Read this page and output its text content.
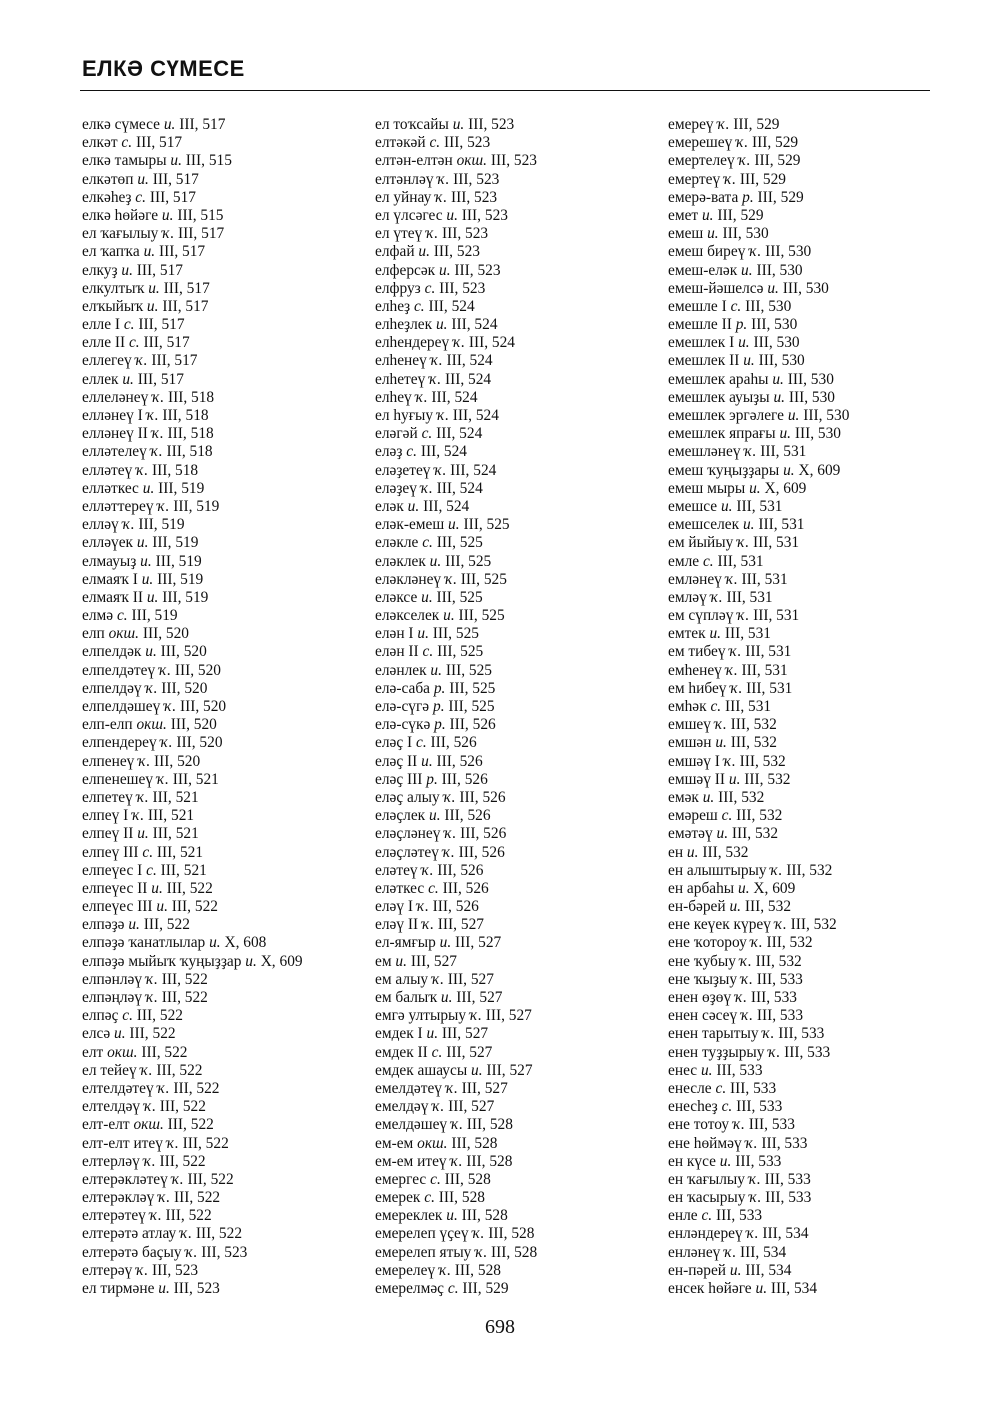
ЕЛКӘ СҮМЕСЕ
елкә сүмесе и. III, 517
елкәт с. III, 517
елкә тамыры и. III, 515
елкәтөп и. III, 517
елкәһеҙ с. III, 517
елкә һөйәге и. III, 515
ел ҡағылыу ҡ. III, 517
ел ҡапҡа и. III, 517
елкуҙ и. III, 517
елкултыҡ и. III, 517
елҡыйыҡ и. III, 517
елле I с. III, 517
елле II с. III, 517
еллегеү ҡ. III, 517
еллек и. III, 517
еллеләнеү ҡ. III, 518
елләнеү I ҡ. III, 518
елләнеү II ҡ. III, 518
елләтелеү ҡ. III, 518
елләтеү ҡ. III, 518
елләткес и. III, 519
елләттереү ҡ. III, 519
елләү ҡ. III, 519
елләүек и. III, 519
елмауыҙ и. III, 519
елмаяҡ I и. III, 519
елмаяҡ II и. III, 519
елмә с. III, 519
елп окш. III, 520
елпелдәк и. III, 520
елпелдәтеү ҡ. III, 520
елпелдәү ҡ. III, 520
елпелдәшеү ҡ. III, 520
елп-елп окш. III, 520
елпендереү ҡ. III, 520
елпенеү ҡ. III, 520
елпенешеү ҡ. III, 521
елпетеү ҡ. III, 521
елпеү I ҡ. III, 521
елпеү II и. III, 521
елпеү III с. III, 521
елпеүес I с. III, 521
елпеүес II и. III, 522
елпеүес III и. III, 522
елпәҙә и. III, 522
елпәҙә ҡанатлылар и. X, 608
елпәҙә мыйыҡ ҡуңыҙҙар и. X, 609
елпәнләү ҡ. III, 522
елпәңләү ҡ. III, 522
елпәҫ с. III, 522
елсә и. III, 522
елт окш. III, 522
ел тейеү ҡ. III, 522
елтелдәтеү ҡ. III, 522
елтелдәү ҡ. III, 522
елт-елт окш. III, 522
елт-елт итеү ҡ. III, 522
елтерләү ҡ. III, 522
елтерәкләтеү ҡ. III, 522
елтерәкләү ҡ. III, 522
елтерәтеү ҡ. III, 522
елтерәтә атлау ҡ. III, 522
елтерәтә баҫыу ҡ. III, 523
елтерәү ҡ. III, 523
ел тирмәне и. III, 523
ел тоҡсайы и. III, 523
елтәкәй с. III, 523
елтән-елтән окш. III, 523
елтәнләү ҡ. III, 523
ел уйнау ҡ. III, 523
ел үлсәгес и. III, 523
ел үтеү ҡ. III, 523
елфай и. III, 523
елферсәк и. III, 523
елфруз с. III, 523
елһеҙ с. III, 524
елһеҙлек и. III, 524
елһендереү ҡ. III, 524
елһенеү ҡ. III, 524
елһетеү ҡ. III, 524
елһеү ҡ. III, 524
ел һуғыу ҡ. III, 524
еләгәй с. III, 524
еләҙ с. III, 524
еләҙетеү ҡ. III, 524
еләҙеү ҡ. III, 524
еләк и. III, 524
еләк-емеш и. III, 525
еләкле с. III, 525
еләклек и. III, 525
еләкләнеү ҡ. III, 525
еләксе и. III, 525
еләкселек и. III, 525
елән I и. III, 525
елән II с. III, 525
еләнлек и. III, 525
елә-саба р. III, 525
елә-сүгә р. III, 525
елә-сүкә р. III, 526
еләҫ I с. III, 526
еләҫ II и. III, 526
еләҫ III р. III, 526
еләҫ алыу ҡ. III, 526
еләҫлек и. III, 526
еләҫләнеү ҡ. III, 526
еләҫләтеү ҡ. III, 526
еләтеү ҡ. III, 526
еләткес с. III, 526
еләү I ҡ. III, 526
еләү II ҡ. III, 527
ел-ямғыр и. III, 527
ем и. III, 527
ем алыу ҡ. III, 527
ем балыҡ и. III, 527
емгә ултырыу ҡ. III, 527
емдек I и. III, 527
емдек II с. III, 527
емдек ашаусы и. III, 527
емелдәтеү ҡ. III, 527
емелдәү ҡ. III, 527
емелдәшеү ҡ. III, 528
ем-ем окш. III, 528
ем-ем итеү ҡ. III, 528
емергес с. III, 528
емерек с. III, 528
емереклек и. III, 528
емерелеп үҫеү ҡ. III, 528
емерелеп ятыу ҡ. III, 528
емерелеү ҡ. III, 528
емерелмәҫ с. III, 529
емереү ҡ. III, 529
емерешеү ҡ. III, 529
емертелеү ҡ. III, 529
емертеү ҡ. III, 529
емерә-вата р. III, 529
емет и. III, 529
емеш и. III, 530
емеш биреү ҡ. III, 530
емеш-еләк и. III, 530
емеш-йәшелсә и. III, 530
емешле I с. III, 530
емешле II р. III, 530
емешлек I и. III, 530
емешлек II и. III, 530
емешлек араһы и. III, 530
емешлек ауыҙы и. III, 530
емешлек эргәлеге и. III, 530
емешлек япрағы и. III, 530
емешләнеү ҡ. III, 531
емеш ҡуңыҙҙары и. X, 609
емеш мыры и. X, 609
емешсе и. III, 531
емешселек и. III, 531
ем йыйыу ҡ. III, 531
емле с. III, 531
емләнеү ҡ. III, 531
емләү ҡ. III, 531
ем сүпләү ҡ. III, 531
емтек и. III, 531
ем тибеү ҡ. III, 531
емһенеү ҡ. III, 531
ем һибеү ҡ. III, 531
емһәк с. III, 531
емшеү ҡ. III, 532
емшән и. III, 532
емшәү I ҡ. III, 532
емшәү II и. III, 532
емәк и. III, 532
емәреш с. III, 532
емәтәү и. III, 532
ен и. III, 532
ен алыштырыу ҡ. III, 532
ен арбаһы и. X, 609
ен-бәрей и. III, 532
ене кеүек күреү ҡ. III, 532
ене ҡотороу ҡ. III, 532
ене ҡубыу ҡ. III, 532
ене ҡыҙыу ҡ. III, 533
енен өҙөү ҡ. III, 533
енен сәсеү ҡ. III, 533
енен тарытыу ҡ. III, 533
енен туҙҙырыу ҡ. III, 533
енес и. III, 533
енесле с. III, 533
енесһеҙ с. III, 533
ене тотоу ҡ. III, 533
ене һөймәү ҡ. III, 533
ен күсе и. III, 533
ен ҡағылыу ҡ. III, 533
ен ҡасырыу ҡ. III, 533
енле с. III, 533
енләндереү ҡ. III, 534
енләнеү ҡ. III, 534
ен-пәрей и. III, 534
енсек һөйәге и. III, 534
698
